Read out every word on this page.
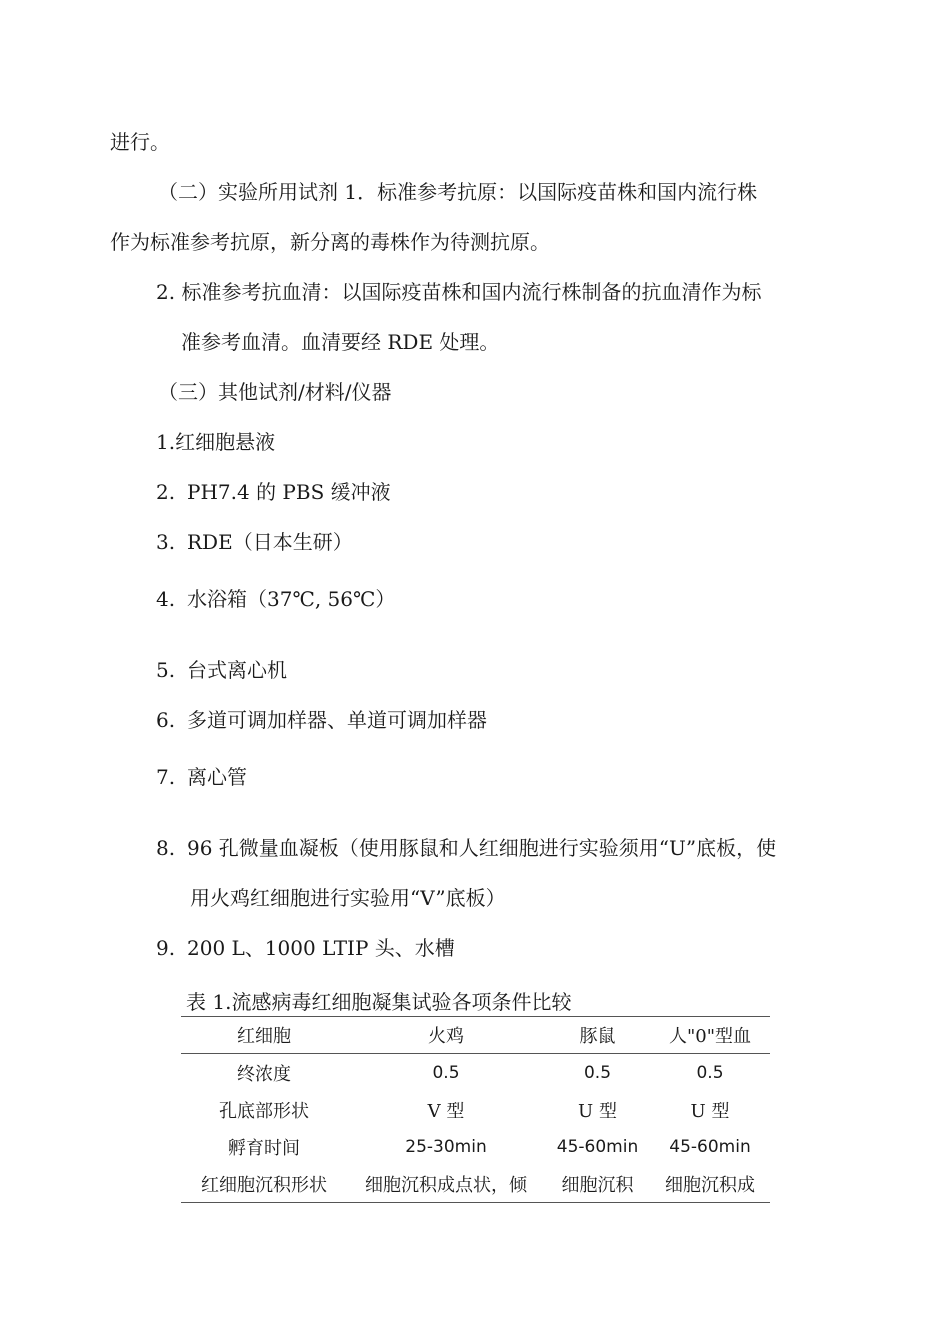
进行。
（二）实验所用试剂 1．标准参考抗原：以国际疫苗株和国内流行株
作为标准参考抗原，新分离的毒株作为待测抗原。
2. 标准参考抗血清：以国际疫苗株和国内流行株制备的抗血清作为标
准参考血清。血清要经 RDE 处理。
（三）其他试剂/材料/仪器
1.红细胞悬液
2. PH7.4 的 PBS 缓冲液
3. RDE（日本生研）
4. 水浴箱（37℃, 56℃）
5. 台式离心机
6. 多道可调加样器、单道可调加样器
7. 离心管
8. 96 孔微量血凝板（使用豚鼠和人红细胞进行实验须用“U”底板，使
用火鸡红细胞进行实验用“V”底板）
9. 200 ￼L、1000 ￼LTIP 头、水槽
表 1.流感病毒红细胞凝集试验各项条件比较
红细胞	火鸡	豚鼠	人"0"型血
终浓度	0.5	0.5	0.5
孔底部形状	V 型	U 型	U 型
孵育时间	25-30min	45-60min	45-60min
红细胞沉积形状	细胞沉积成点状，倾	细胞沉积	细胞沉积成
